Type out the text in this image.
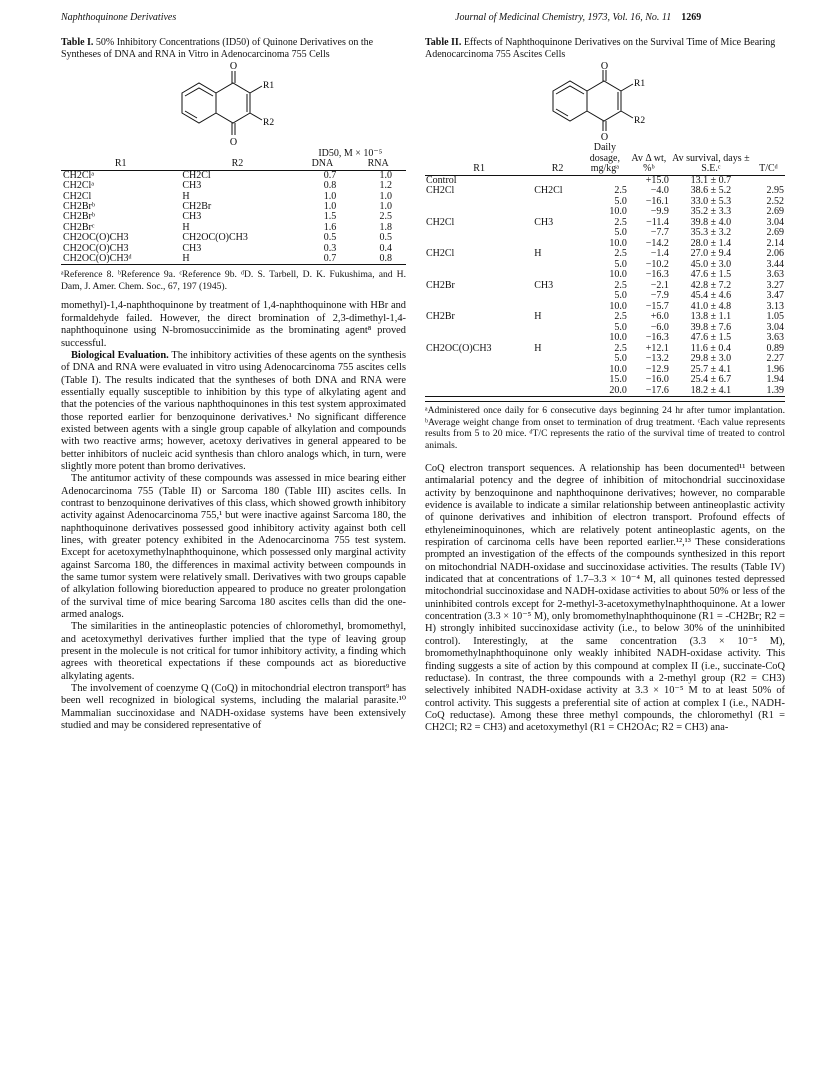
Naphthoquinone Derivatives	Journal of Medicinal Chemistry, 1973, Vol. 16, No. 11 1269
Table I. 50% Inhibitory Concentrations (ID50) of Quinone Derivatives on the Syntheses of DNA and RNA in Vitro in Adenocarcinoma 755 Cells
O
O
R1
R2
		ID50, M × 10⁻⁵	
R1	R2	DNA	RNA
CH2Clᵃ	CH2Cl	0.7	1.0
CH2Clᵃ	CH3	0.8	1.2
CH2Cl	H	1.0	1.0
CH2Brᵇ	CH2Br	1.0	1.0
CH2Brᵇ	CH3	1.5	2.5
CH2Brᶜ	H	1.6	1.8
CH2OC(O)CH3	CH2OC(O)CH3	0.5	0.5
CH2OC(O)CH3	CH3	0.3	0.4
CH2OC(O)CH3ᵈ	H	0.7	0.8
ᵃReference 8. ᵇReference 9a. ᶜReference 9b. ᵈD. S. Tarbell, D. K. Fukushima, and H. Dam, J. Amer. Chem. Soc., 67, 197 (1945).

momethyl)-1,4-naphthoquinone by treatment of 1,4-naphthoquinone with HBr and formaldehyde failed. However, the direct bromination of 2,3-dimethyl-1,4-naphthoquinone using N-bromosuccinimide as the brominating agent⁸ proved successful.

Biological Evaluation. The inhibitory activities of these agents on the synthesis of DNA and RNA were evaluated in vitro using Adenocarcinoma 755 ascites cells (Table I). The results indicated that the syntheses of both DNA and RNA were essentially equally susceptible to inhibition by this type of alkylating agent and that the potencies of the various naphthoquinones in this test system approximated those reported earlier for benzoquinone derivatives.¹ No significant difference existed between agents with a single group capable of alkylation and compounds with two reactive arms; however, acetoxy derivatives in general appeared to be better inhibitors of nucleic acid synthesis than chloro analogs which, in turn, were slightly more potent than bromo derivatives.

The antitumor activity of these compounds was assessed in mice bearing either Adenocarcinoma 755 (Table II) or Sarcoma 180 (Table III) ascites cells. In contrast to benzoquinone derivatives of this class, which showed growth inhibitory activity against Adenocarcinoma 755,¹ but were inactive against Sarcoma 180, the naphthoquinone derivatives possessed good inhibitory activity against both cell lines, with greater potency exhibited in the Adenocarcinoma 755 test system. Except for acetoxymethylnaphthoquinone, which possessed only marginal activity against Sarcoma 180, the differences in maximal activity between compounds in the same tumor system were relatively small. Derivatives with two groups capable of alkylation following bioreduction appeared to produce no greater prolongation of the survival time of mice bearing Sarcoma 180 ascites cells than did the one-armed analogs.

The similarities in the antineoplastic potencies of chloromethyl, bromomethyl, and acetoxymethyl derivatives further implied that the type of leaving group present in the molecule is not critical for tumor inhibitory activity, a finding which agrees with theoretical expectations if these compounds act as bioreductive alkylating agents.

The involvement of coenzyme Q (CoQ) in mitochondrial electron transport⁹ has been well recognized in biological systems, including the malarial parasite.¹⁰ Mammalian succinoxidase and NADH-oxidase systems have been extensively studied and may be considered representative of

Table II. Effects of Naphthoquinone Derivatives on the Survival Time of Mice Bearing Adenocarcinoma 755 Ascites Cells
O
O
R1
R2
R1	R2	Daily dosage, mg/kgᵃ	Av Δ wt, %ᵇ	Av survival, days ± S.E.ᶜ	T/Cᵈ
Control			+15.0	13.1 ± 0.7	
CH2Cl	CH2Cl	2.5	−4.0	38.6 ± 5.2	2.95
		5.0	−16.1	33.0 ± 5.3	2.52
		10.0	−9.9	35.2 ± 3.3	2.69
CH2Cl	CH3	2.5	−11.4	39.8 ± 4.0	3.04
		5.0	−7.7	35.3 ± 3.2	2.69
		10.0	−14.2	28.0 ± 1.4	2.14
CH2Cl	H	2.5	−1.4	27.0 ± 9.4	2.06
		5.0	−10.2	45.0 ± 3.0	3.44
		10.0	−16.3	47.6 ± 1.5	3.63
CH2Br	CH3	2.5	−2.1	42.8 ± 7.2	3.27
		5.0	−7.9	45.4 ± 4.6	3.47
		10.0	−15.7	41.0 ± 4.8	3.13
CH2Br	H	2.5	+6.0	13.8 ± 1.1	1.05
		5.0	−6.0	39.8 ± 7.6	3.04
		10.0	−16.3	47.6 ± 1.5	3.63
CH2OC(O)CH3	H	2.5	+12.1	11.6 ± 0.4	0.89
		5.0	−13.2	29.8 ± 3.0	2.27
		10.0	−12.9	25.7 ± 4.1	1.96
		15.0	−16.0	25.4 ± 6.7	1.94
		20.0	−17.6	18.2 ± 4.1	1.39
ᵃAdministered once daily for 6 consecutive days beginning 24 hr after tumor implantation. ᵇAverage weight change from onset to termination of drug treatment. ᶜEach value represents results from 5 to 20 mice. ᵈT/C represents the ratio of the survival time of treated to control animals.

CoQ electron transport sequences. A relationship has been documented¹¹ between antimalarial potency and the degree of inhibition of mitochondrial succinoxidase activity by benzoquinone and naphthoquinone derivatives; however, no comparable evidence is available to indicate a similar relationship between antineoplastic activity of quinone derivatives and inhibition of electron transport. Profound effects of ethyleneiminoquinones, which are relatively potent antineoplastic agents, on the respiration of carcinoma cells have been reported earlier.¹²,¹³ These considerations prompted an investigation of the effects of the compounds synthesized in this report on mitochondrial NADH-oxidase and succinoxidase activities. The results (Table IV) indicated that at concentrations of 1.7–3.3 × 10⁻⁴ M, all quinones tested depressed mitochondrial succinoxidase and NADH-oxidase activities to about 50% or less of the uninhibited controls except for 2-methyl-3-acetoxymethylnaphthoquinone. At a lower concentration (3.3 × 10⁻⁵ M), only bromomethylnaphthoquinone (R1 = -CH2Br; R2 = H) strongly inhibited succinoxidase activity (i.e., to below 30% of the uninhibited control). Interestingly, at the same concentration (3.3 × 10⁻⁵ M), bromomethylnaphthoquinone only weakly inhibited NADH-oxidase activity. This finding suggests a site of action by this compound at complex II (i.e., succinate-CoQ reductase). In contrast, the three compounds with a 2-methyl group (R2 = CH3) selectively inhibited NADH-oxidase activity at 3.3 × 10⁻⁵ M to at least 50% of control activity. This suggests a preferential site of action at complex I (i.e., NADH-CoQ reductase). Among these three methyl compounds, the chloromethyl (R1 = CH2Cl; R2 = CH3) and acetoxymethyl (R1 = CH2OAc; R2 = CH3) ana-
